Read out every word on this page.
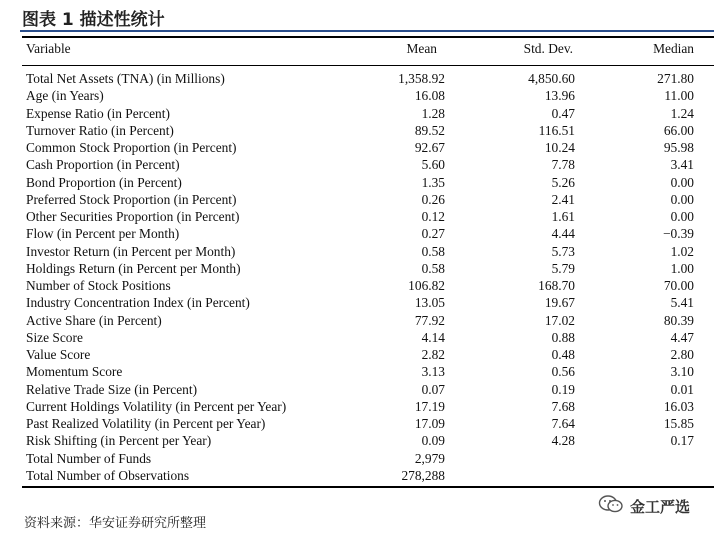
图表 1 描述性统计
Variable	Mean	Std. Dev.	Median
Total Net Assets (TNA) (in Millions)	1,358.92	4,850.60	271.80
Age (in Years)	16.08	13.96	11.00
Expense Ratio (in Percent)	1.28	0.47	1.24
Turnover Ratio (in Percent)	89.52	116.51	66.00
Common Stock Proportion (in Percent)	92.67	10.24	95.98
Cash Proportion (in Percent)	5.60	7.78	3.41
Bond Proportion (in Percent)	1.35	5.26	0.00
Preferred Stock Proportion (in Percent)	0.26	2.41	0.00
Other Securities Proportion (in Percent)	0.12	1.61	0.00
Flow (in Percent per Month)	0.27	4.44	−0.39
Investor Return (in Percent per Month)	0.58	5.73	1.02
Holdings Return (in Percent per Month)	0.58	5.79	1.00
Number of Stock Positions	106.82	168.70	70.00
Industry Concentration Index (in Percent)	13.05	19.67	5.41
Active Share (in Percent)	77.92	17.02	80.39
Size Score	4.14	0.88	4.47
Value Score	2.82	0.48	2.80
Momentum Score	3.13	0.56	3.10
Relative Trade Size (in Percent)	0.07	0.19	0.01
Current Holdings Volatility (in Percent per Year)	17.19	7.68	16.03
Past Realized Volatility (in Percent per Year)	17.09	7.64	15.85
Risk Shifting (in Percent per Year)	0.09	4.28	0.17
Total Number of Funds	2,979
Total Number of Observations	278,288
资料来源：华安证券研究所整理
金工严选
